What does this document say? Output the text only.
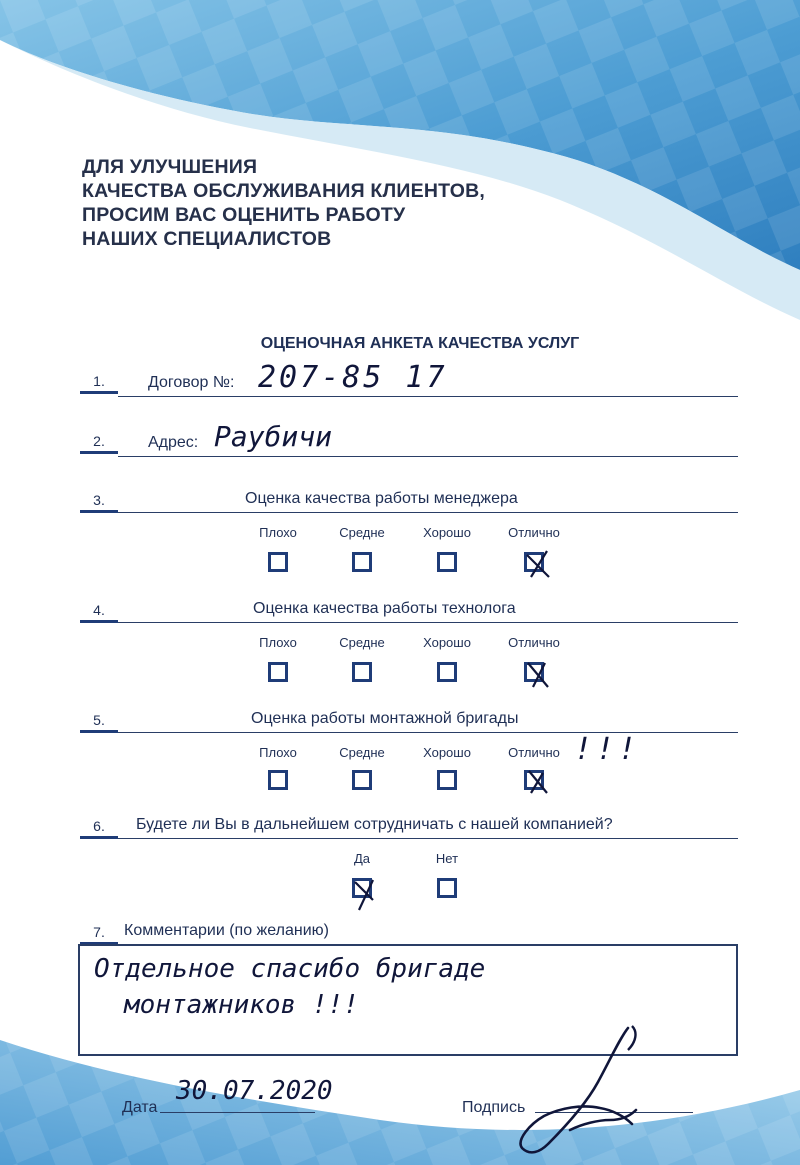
ДЛЯ УЛУЧШЕНИЯ
КАЧЕСТВА ОБСЛУЖИВАНИЯ КЛИЕНТОВ,
ПРОСИМ ВАС ОЦЕНИТЬ РАБОТУ
НАШИХ СПЕЦИАЛИСТОВ
ОЦЕНОЧНАЯ АНКЕТА КАЧЕСТВА УСЛУГ
1.	Договор №: 207-85 17
2.	Адрес: Раубичи
3.	Оценка качества работы менеджера
Плохо	Средне	Хорошо	Отлично
4.	Оценка качества работы технолога
Плохо	Средне	Хорошо	Отлично
5.	Оценка работы монтажной бригады
Плохо	Средне	Хорошо	Отлично !!!
6.	Будете ли Вы в дальнейшем сотрудничать с нашей компанией?
Да	Нет
7.	Комментарии (по желанию)
Отдельное спасибо бригаде
монтажников !!!
Дата
30.07.2020
Подпись
